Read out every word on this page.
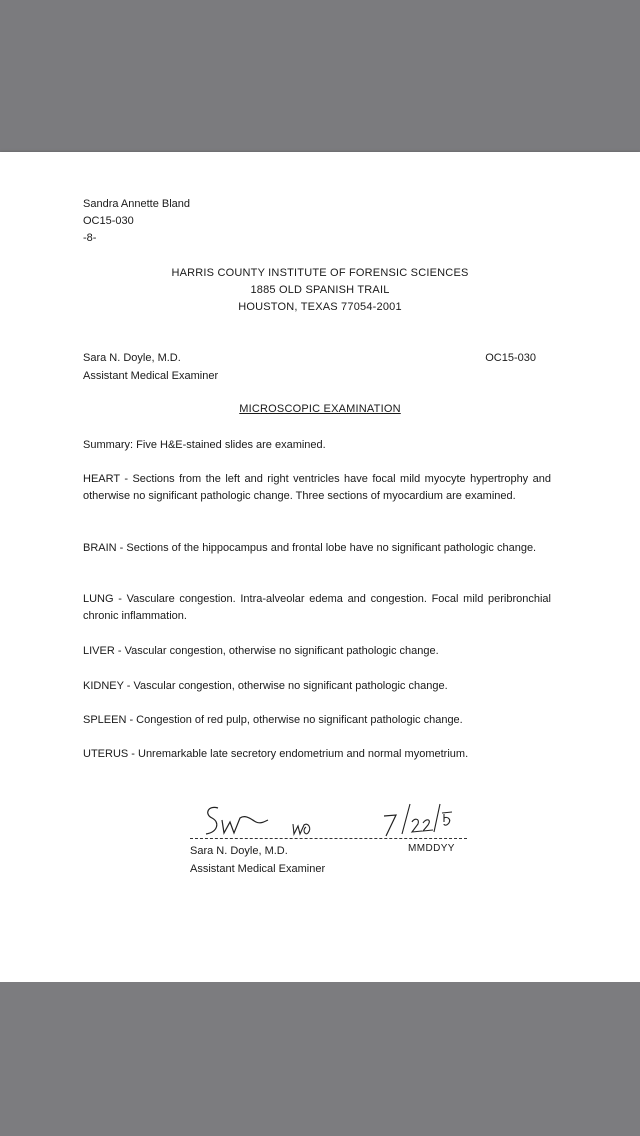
Sandra Annette Bland
OC15-030
-8-
HARRIS COUNTY INSTITUTE OF FORENSIC SCIENCES
1885 OLD SPANISH TRAIL
HOUSTON, TEXAS 77054-2001
Sara N. Doyle, M.D.
Assistant Medical Examiner
OC15-030
MICROSCOPIC EXAMINATION
Summary: Five H&E-stained slides are examined.
HEART - Sections from the left and right ventricles have focal mild myocyte hypertrophy and otherwise no significant pathologic change. Three sections of myocardium are examined.
BRAIN - Sections of the hippocampus and frontal lobe have no significant pathologic change.
LUNG - Vasculare congestion. Intra-alveolar edema and congestion. Focal mild peribronchial chronic inflammation.
LIVER - Vascular congestion, otherwise no significant pathologic change.
KIDNEY - Vascular congestion, otherwise no significant pathologic change.
SPLEEN - Congestion of red pulp, otherwise no significant pathologic change.
UTERUS - Unremarkable late secretory endometrium and normal myometrium.
Sara N. Doyle, M.D.
Assistant Medical Examiner
MMDDYY
